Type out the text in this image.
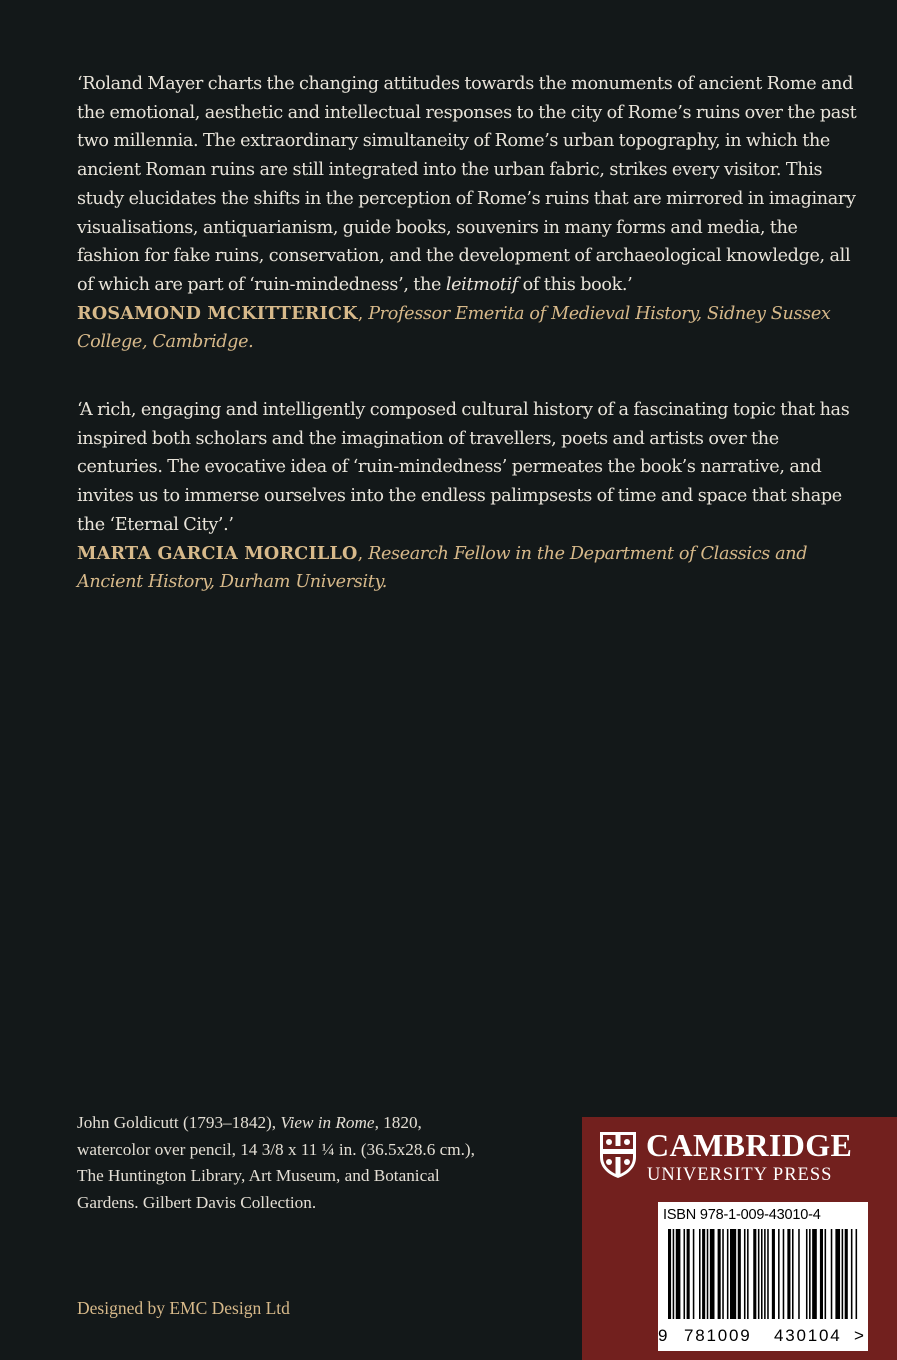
‘Roland Mayer charts the changing attitudes towards the monuments of ancient Rome and the emotional, aesthetic and intellectual responses to the city of Rome’s ruins over the past two millennia. The extraordinary simultaneity of Rome’s urban topography, in which the ancient Roman ruins are still integrated into the urban fabric, strikes every visitor. This study elucidates the shifts in the perception of Rome’s ruins that are mirrored in imaginary visualisations, antiquarianism, guide books, souvenirs in many forms and media, the fashion for fake ruins, conservation, and the development of archaeological knowledge, all of which are part of ‘ruin-mindedness’, the leitmotif of this book.’

ROSAMOND MCKITTERICK, Professor Emerita of Medieval History, Sidney Sussex College, Cambridge.

‘A rich, engaging and intelligently composed cultural history of a fascinating topic that has inspired both scholars and the imagination of travellers, poets and artists over the centuries. The evocative idea of ‘ruin-mindedness’ permeates the book’s narrative, and invites us to immerse ourselves into the endless palimpsests of time and space that shape the ‘Eternal City’.’

MARTA GARCIA MORCILLO, Research Fellow in the Department of Classics and Ancient History, Durham University.

John Goldicutt (1793–1842), View in Rome, 1820, watercolor over pencil, 14 3/8 x 11 ¼ in. (36.5x28.6 cm.), The Huntington Library, Art Museum, and Botanical Gardens. Gilbert Davis Collection.

Designed by EMC Design Ltd

CAMBRIDGE

UNIVERSITY PRESS

ISBN 978-1-009-43010-4

9 781009 430104 >
